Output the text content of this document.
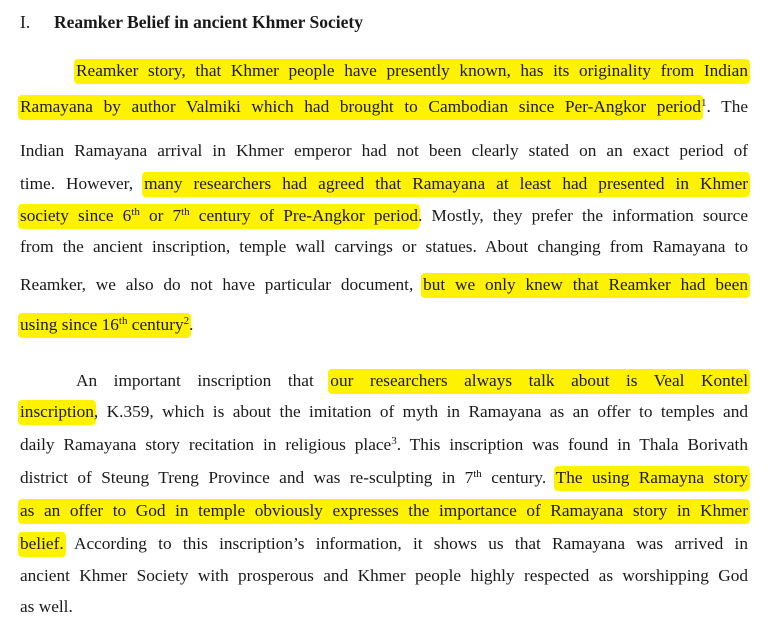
I. Reamker Belief in ancient Khmer Society
Reamker story, that Khmer people have presently known, has its originality from Indian
Ramayana by author Valmiki which had brought to Cambodian since Per-Angkor period$^1$. The
Indian Ramayana arrival in Khmer emperor had not been clearly stated on an exact period of
time. However, many researchers had agreed that Ramayana at least had presented in Khmer
society since 6th or 7th century of Pre-Angkor period. Mostly, they prefer the information source
from the ancient inscription, temple wall carvings or statues. About changing from Ramayana to
Reamker, we also do not have particular document, but we only knew that Reamker had been
using since 16th century$^2$.
An important inscription that our researchers always talk about is Veal Kontel
inscription, K.359, which is about the imitation of myth in Ramayana as an offer to temples and
daily Ramayana story recitation in religious place$^3$. This inscription was found in Thala Borivath
district of Steung Treng Province and was re-sculpting in 7th century. The using Ramayna story
as an offer to God in temple obviously expresses the importance of Ramayana story in Khmer
belief. According to this inscription’s information, it shows us that Ramayana was arrived in
ancient Khmer Society with prosperous and Khmer people highly respected as worshipping God
as well.
